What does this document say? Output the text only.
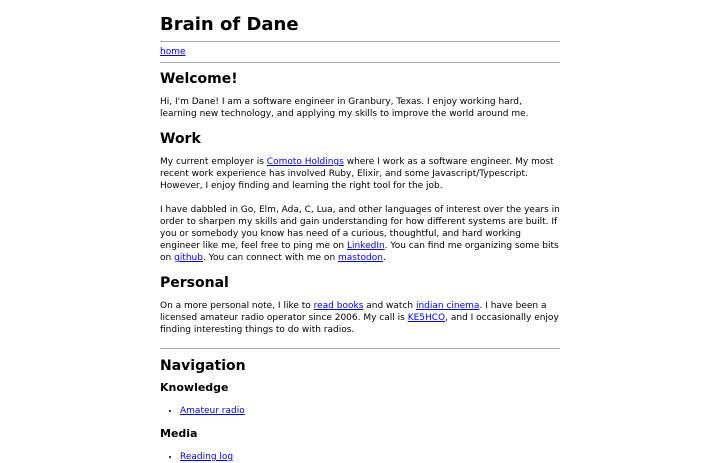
Brain of Dane
home
Welcome!

Hi, I'm Dane! I am a software engineer in Granbury, Texas. I enjoy working hard, learning new technology, and applying my skills to improve the world around me.

Work

My current employer is Comoto Holdings where I work as a software engineer. My most recent work experience has involved Ruby, Elixir, and some Javascript/Typescript. However, I enjoy finding and learning the right tool for the job.

I have dabbled in Go, Elm, Ada, C, Lua, and other languages of interest over the years in order to sharpen my skills and gain understanding for how different systems are built. If you or somebody you know has need of a curious, thoughtful, and hard working engineer like me, feel free to ping me on LinkedIn. You can find me organizing some bits on github. You can connect with me on mastodon.

Personal

On a more personal note, I like to read books and watch indian cinema. I have been a licensed amateur radio operator since 2006. My call is KE5HCO, and I occasionally enjoy finding interesting things to do with radios.

Navigation
Knowledge
• Amateur radio
Media
• Reading log
